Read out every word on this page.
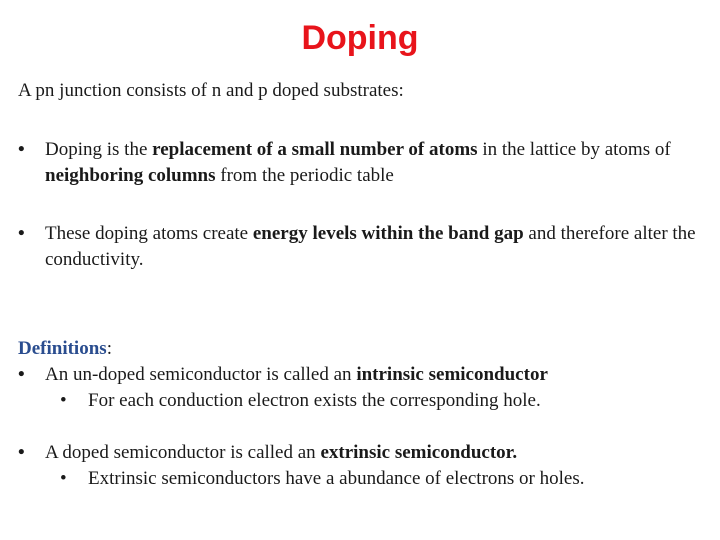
Doping
A pn junction consists of n and p doped substrates:
• Doping is the replacement of a small number of atoms in the lattice by atoms of neighboring columns from the periodic table
• These doping atoms create energy levels within the band gap and therefore alter the conductivity.
Definitions:
• An un-doped semiconductor is called an intrinsic semiconductor
• For each conduction electron exists the corresponding hole.
• A doped semiconductor is called an extrinsic semiconductor.
• Extrinsic semiconductors have a abundance of electrons or holes.
